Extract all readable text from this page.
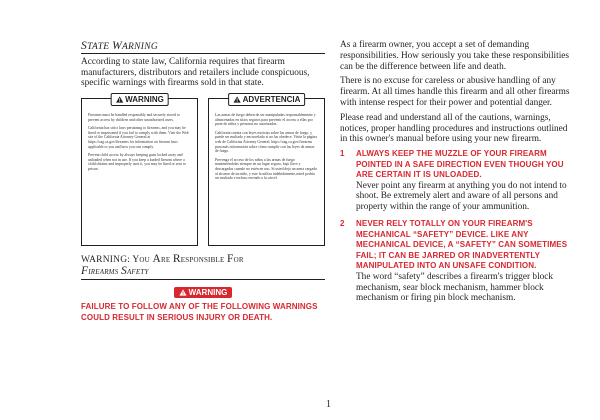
STATE WARNING

According to state law, California requires that firearm manufacturers, distributors and retailers include conspicuous, specific warnings with firearms sold in that state.

WARNING

Firearms must be handled responsibly and securely stored to prevent access by children and other unauthorized users.

California has strict laws pertaining to firearms, and you may be fined or imprisoned if you fail to comply with them. Visit the Web site of the California Attorney General at https://oag.ca.gov/firearms for information on firearm laws applicable to you and how you can comply.

Prevent child access by always keeping guns locked away and unloaded when not in use. If you keep a loaded firearm where a child obtains and improperly uses it, you may be fined or sent to prison.

ADVERTENCIA

Las armas de fuego deben de ser manipuladas responsablemente y almacenadas en sitios seguros para prevenir el acceso a ellas por parte de niños y personas no autorizadas.

California cuenta con leyes estrictas sobre las armas de fuego, y puede ser multado y encarcelado si no las obedece. Visite la página web de California Attorney General, https://oag.ca.gov/firearms para más información sobre cómo cumplir con las leyes de armas de fuego.

Prevenga el acceso de los niños a las armas de fuego manteniéndolas siempre en un lugar seguro, bajo llave y descargadas cuando no estén en uso. Si usted deja un arma cargada al alcance de un niño, y este la utiliza indebidamente,usted podría ser multado e incluso enviado a la cárcel.

WARNING: You Are Responsible For
Firearms Safety
WARNING
FAILURE TO FOLLOW ANY OF THE FOLLOWING WARNINGS COULD RESULT IN SERIOUS INJURY OR DEATH.

As a firearm owner, you accept a set of demanding responsibilities. How seriously you take these responsibilities can be the difference between life and death.

There is no excuse for careless or abusive handling of any firearm. At all times handle this firearm and all other firearms with intense respect for their power and potential danger.

Please read and understand all of the cautions, warnings, notices, proper handling procedures and instructions outlined in this owner's manual before using your new firearm.

1	ALWAYS KEEP THE MUZZLE OF YOUR FIREARM POINTED IN A SAFE DIRECTION EVEN THOUGH YOU ARE CERTAIN IT IS UNLOADED.
Never point any firearm at anything you do not intend to shoot. Be extremely alert and aware of all persons and property within the range of your ammunition.
2	NEVER RELY TOTALLY ON YOUR FIREARM'S MECHANICAL “SAFETY” DEVICE. LIKE ANY MECHANICAL DEVICE, A “SAFETY” CAN SOMETIMES FAIL; IT CAN BE JARRED OR INADVERTENTLY MANIPULATED INTO AN UNSAFE CONDITION.
The word “safety” describes a firearm's trigger block mechanism, sear block mechanism, hammer block mechanism or firing pin block mechanism.
1
